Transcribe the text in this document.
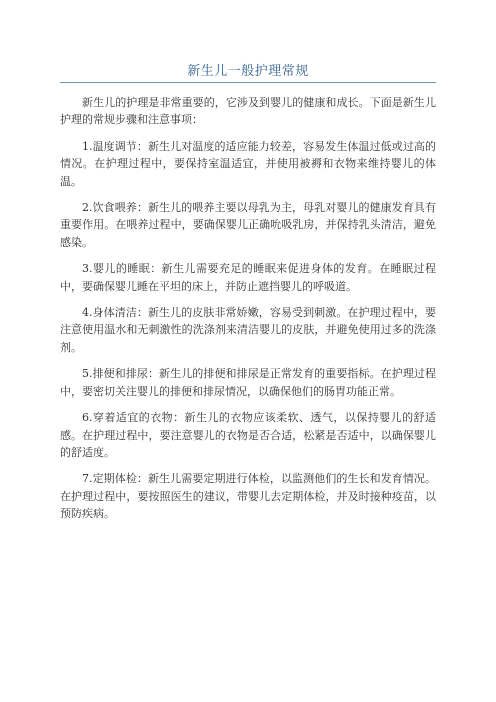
新生儿一般护理常规

新生儿的护理是非常重要的，它涉及到婴儿的健康和成长。下面是新生儿护理的常规步骤和注意事项：

1.温度调节：新生儿对温度的适应能力较差，容易发生体温过低或过高的情况。在护理过程中，要保持室温适宜，并使用被褥和衣物来维持婴儿的体温。

2.饮食喂养：新生儿的喂养主要以母乳为主，母乳对婴儿的健康发育具有重要作用。在喂养过程中，要确保婴儿正确吮吸乳房，并保持乳头清洁，避免感染。

3.婴儿的睡眠：新生儿需要充足的睡眠来促进身体的发育。在睡眠过程中，要确保婴儿睡在平坦的床上，并防止遮挡婴儿的呼吸道。

4.身体清洁：新生儿的皮肤非常娇嫩，容易受到刺激。在护理过程中，要注意使用温水和无刺激性的洗涤剂来清洁婴儿的皮肤，并避免使用过多的洗涤剂。

5.排便和排尿：新生儿的排便和排尿是正常发育的重要指标。在护理过程中，要密切关注婴儿的排便和排尿情况，以确保他们的肠胃功能正常。

6.穿着适宜的衣物：新生儿的衣物应该柔软、透气，以保持婴儿的舒适感。在护理过程中，要注意婴儿的衣物是否合适，松紧是否适中，以确保婴儿的舒适度。

7.定期体检：新生儿需要定期进行体检，以监测他们的生长和发育情况。在护理过程中，要按照医生的建议，带婴儿去定期体检，并及时接种疫苗，以预防疾病。
